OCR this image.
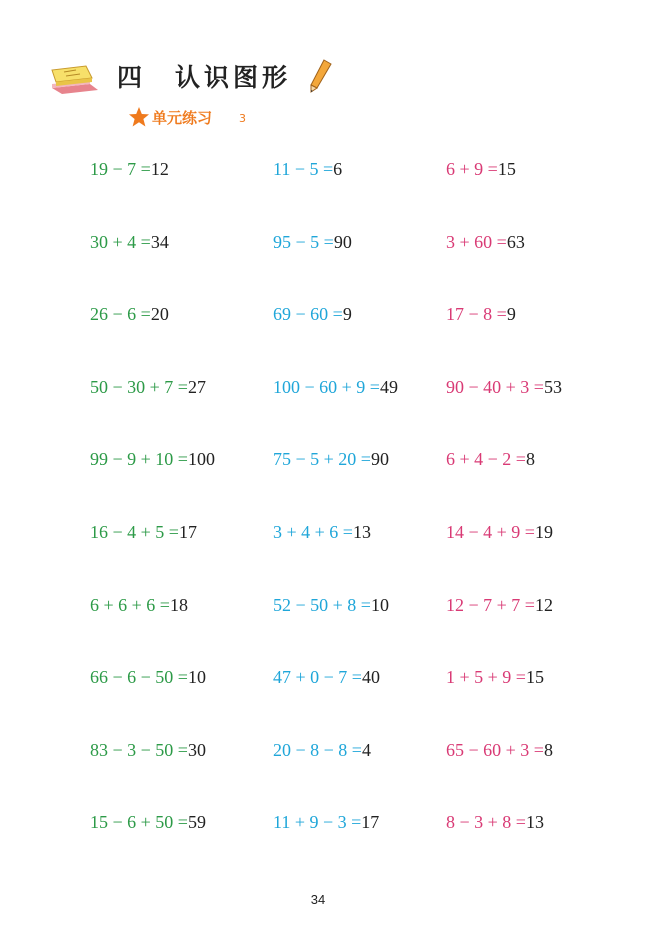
四　认识图形
单元练习 3
19 − 7 =12	11 − 5 =6	6 + 9 =15
30 + 4 =34	95 − 5 =90	3 + 60 =63
26 − 6 =20	69 − 60 =9	17 − 8 =9
50 − 30 + 7 =27	100 − 60 + 9 =49	90 − 40 + 3 =53
99 − 9 + 10 =100	75 − 5 + 20 =90	6 + 4 − 2 =8
16 − 4 + 5 =17	3 + 4 + 6 =13	14 − 4 + 9 =19
6 + 6 + 6 =18	52 − 50 + 8 =10	12 − 7 + 7 =12
66 − 6 − 50 =10	47 + 0 − 7 =40	1 + 5 + 9 =15
83 − 3 − 50 =30	20 − 8 − 8 =4	65 − 60 + 3 =8
15 − 6 + 50 =59	11 + 9 − 3 =17	8 − 3 + 8 =13
34
